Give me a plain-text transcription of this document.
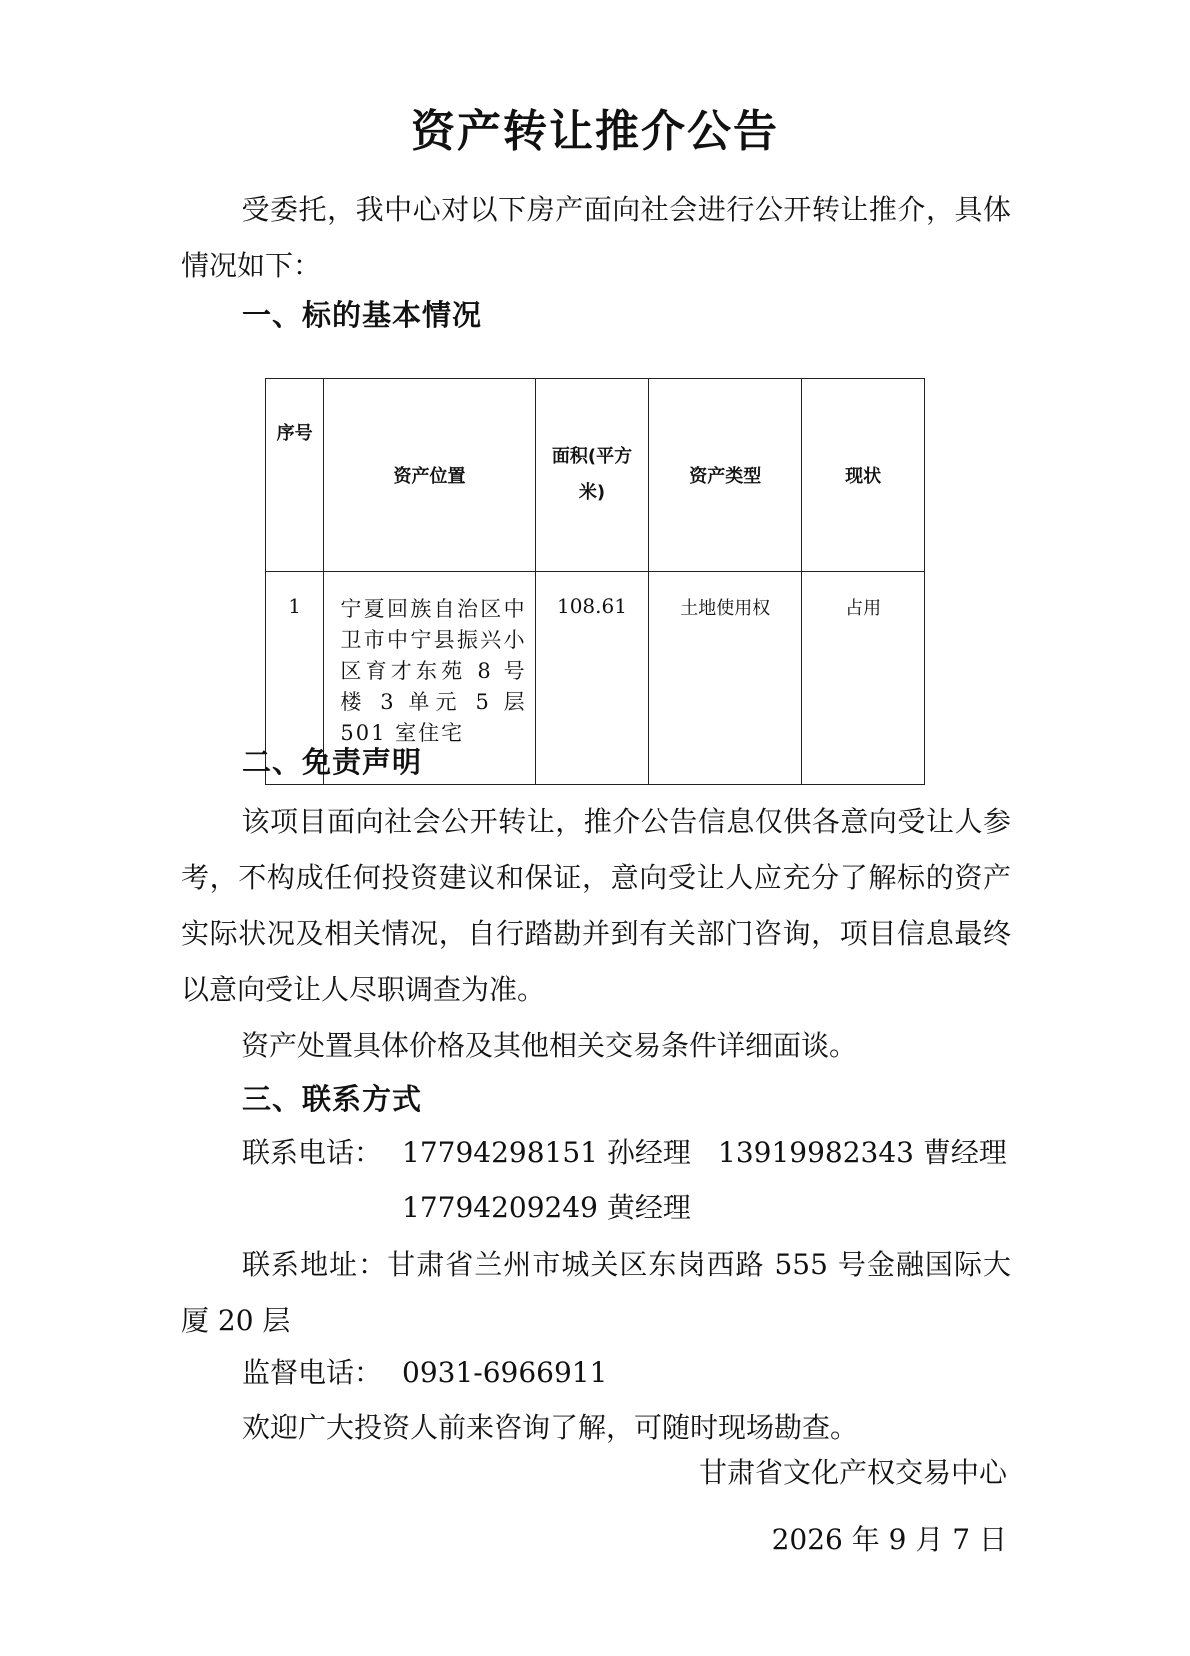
资产转让推介公告

受委托，我中心对以下房产面向社会进行公开转让推介，具体情况如下：

一、标的基本情况
序号	资产位置	面积(平方米)	资产类型	现状
1	宁夏回族自治区中卫市中宁县振兴小区育才东苑 8 号楼 3 单元 5 层 501 室住宅	108.61	土地使用权	占用
二、免责声明

该项目面向社会公开转让，推介公告信息仅供各意向受让人参考，不构成任何投资建议和保证，意向受让人应充分了解标的资产实际状况及相关情况，自行踏勘并到有关部门咨询，项目信息最终以意向受让人尽职调查为准。

资产处置具体价格及其他相关交易条件详细面谈。

三、联系方式
联系电话： 17794298151 孙经理 13919982343 曹经理
17794209249 黄经理
联系地址：甘肃省兰州市城关区东岗西路 555 号金融国际大厦 20 层
监督电话： 0931-6966911
欢迎广大投资人前来咨询了解，可随时现场勘查。
甘肃省文化产权交易中心
2026 年 9 月 7 日
